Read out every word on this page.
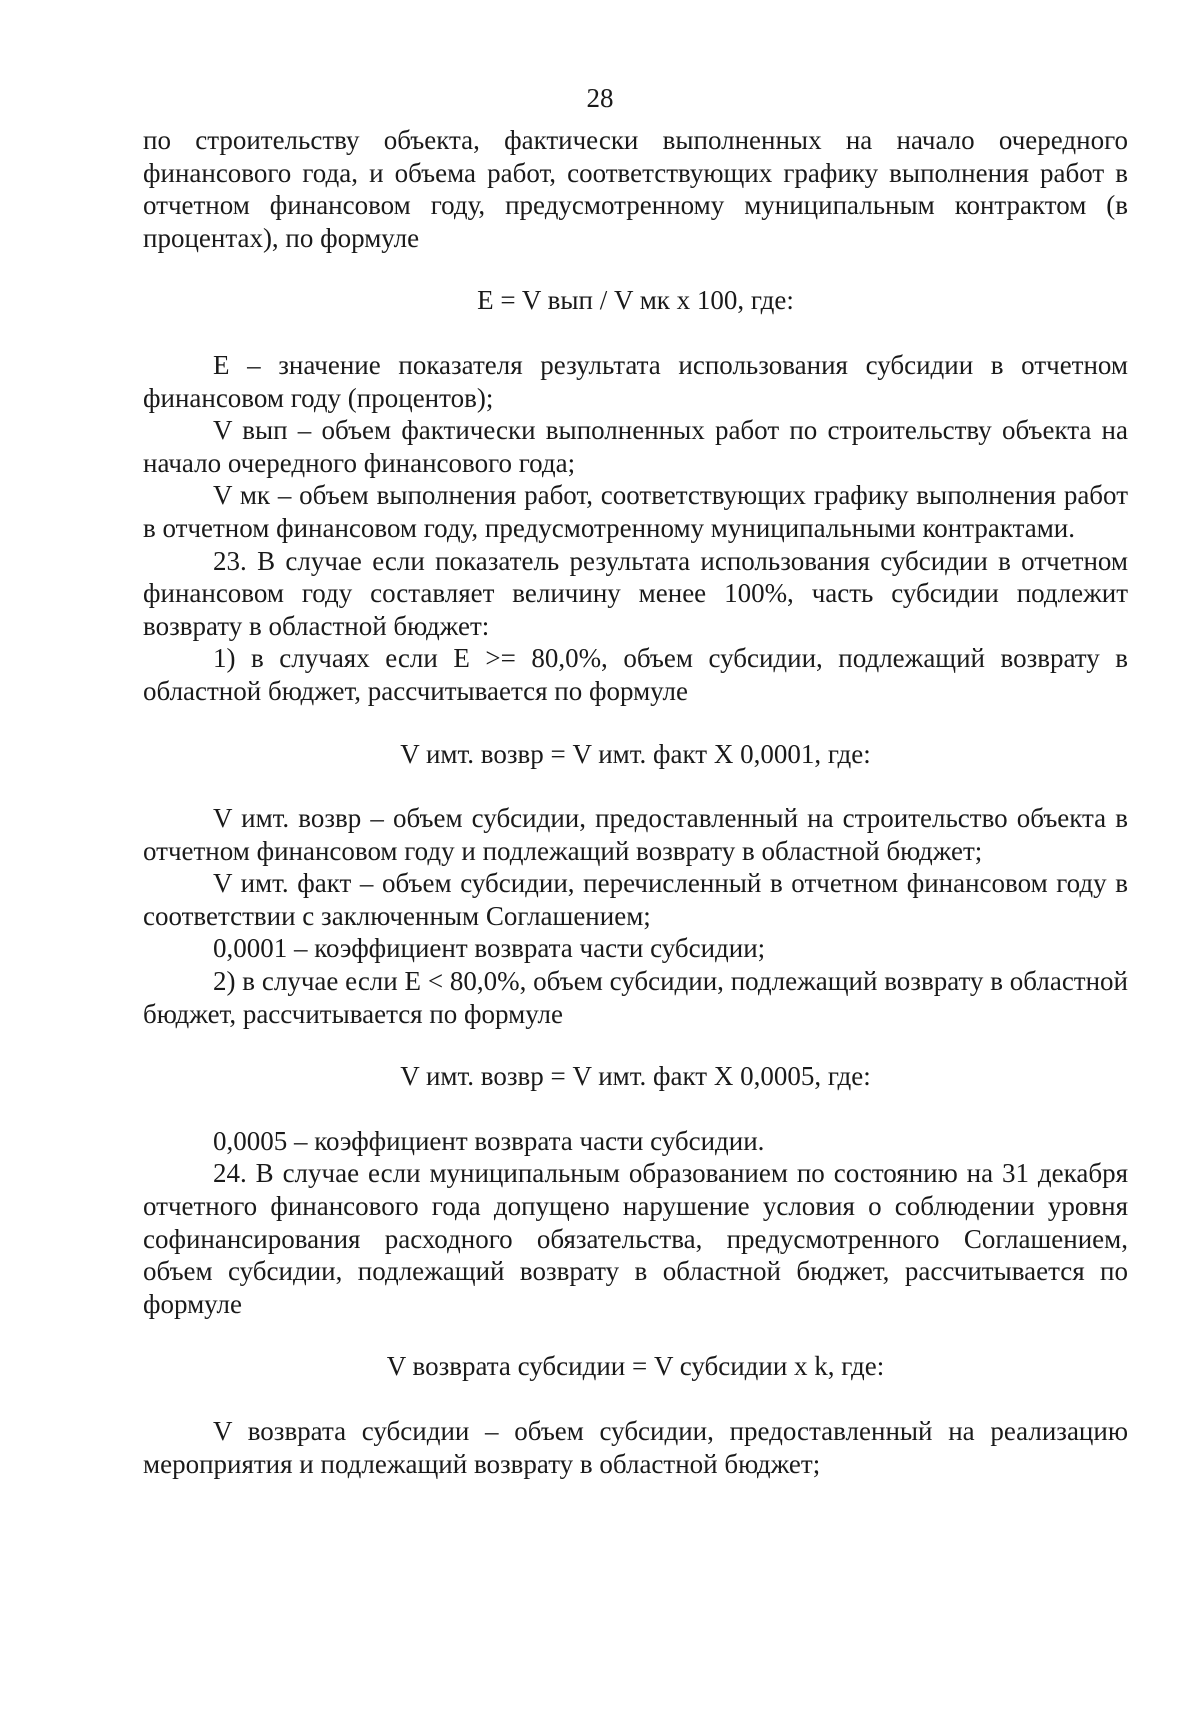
28

по строительству объекта, фактически выполненных на начало очередного финансового года, и объема работ, соответствующих графику выполнения работ в отчетном финансовом году, предусмотренному муниципальным контрактом (в процентах), по формуле

E = V вып / V мк х 100, где:

E – значение показателя результата использования субсидии в отчетном финансовом году (процентов);

V вып – объем фактически выполненных работ по строительству объекта на начало очередного финансового года;

V мк – объем выполнения работ, соответствующих графику выполнения работ в отчетном финансовом году, предусмотренному муниципальными контрактами.

23. В случае если показатель результата использования субсидии в отчетном финансовом году составляет величину менее 100%, часть субсидии подлежит возврату в областной бюджет:

1) в случаях если E >= 80,0%, объем субсидии, подлежащий возврату в областной бюджет, рассчитывается по формуле

V имт. возвр = V имт. факт Х 0,0001, где:

V имт. возвр – объем субсидии, предоставленный на строительство объекта в отчетном финансовом году и подлежащий возврату в областной бюджет;

V имт. факт – объем субсидии, перечисленный в отчетном финансовом году в соответствии с заключенным Соглашением;

0,0001 – коэффициент возврата части субсидии;

2) в случае если E < 80,0%, объем субсидии, подлежащий возврату в областной бюджет, рассчитывается по формуле

V имт. возвр = V имт. факт Х 0,0005, где:

0,0005 – коэффициент возврата части субсидии.

24. В случае если муниципальным образованием по состоянию на 31 декабря отчетного финансового года допущено нарушение условия о соблюдении уровня софинансирования расходного обязательства, предусмотренного Соглашением, объем субсидии, подлежащий возврату в областной бюджет, рассчитывается по формуле

V возврата субсидии = V субсидии х k, где:

V возврата субсидии – объем субсидии, предоставленный на реализацию мероприятия и подлежащий возврату в областной бюджет;
